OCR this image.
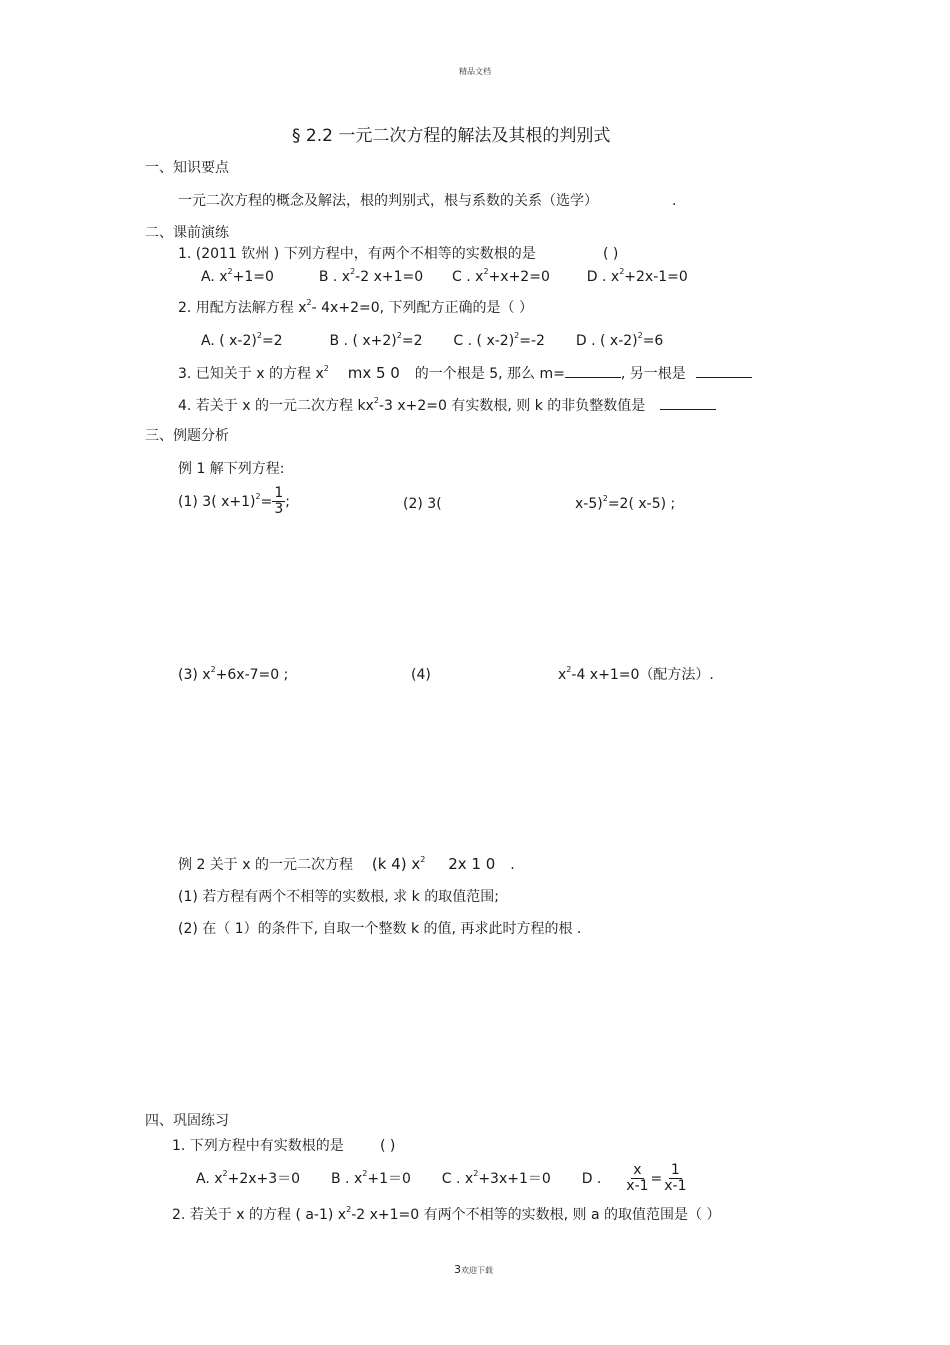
精品文档
§ 2.2 一元二次方程的解法及其根的判别式
一、知识要点
一元二次方程的概念及解法，根的判别式，根与系数的关系（选学）	.
二、课前演练
1. (2011 钦州 ) 下列方程中，有两个不相等的实数根的是	( )
A. $x^2+1=0$	B . $x^2-2$ x+1=0 C . $x^2+x+2=0$	D . $x^2+2x-1=0$
2. 用配方法解方程 $x^2-$ 4x+2=0, 下列配方正确的是（ ）
A. ( x-2)$^2$=2	B . ( x+2)$^2$=2 C . ( x-2)$^2$=-2 D . ( x-2)$^2$=6
3. 已知关于 x 的方程 $x^2$ mx 5 0 的一个根是 5, 那么 m=	, 另一根是
4. 若关于 x 的一元二次方程 $kx^2-3$ x+2=0 有实数根, 则 k 的非负整数值是
三、例题分析
例 1 解下列方程:
(1) 3( $x+1)^2= \frac{1}{3}$ ;	(2) 3(	x-5)$^2$=2( x-5) ;
(3) $x^2+6x-7=0$ ;	(4)	$x^2-4$ x+1=0（配方法）.
例 2 关于 x 的一元二次方程 (k 4) $x^2$ 2x 1 0 .
(1) 若方程有两个不相等的实数根, 求 k 的取值范围;
(2) 在（ 1）的条件下, 自取一个整数 k 的值, 再求此时方程的根 .
四、巩固练习
1. 下列方程中有实数根的是	( )
A. $x^2+2x+3=0$ B . $x^2+1=0$ C . $x^2+3x+1=0$ D . $\frac{x}{x-1} = \frac{1}{x-1}$
2. 若关于 x 的方程 ( a-1) $x^2-2$ x+1=0 有两个不相等的实数根, 则 a 的取值范围是（ ）
3欢迎下载
